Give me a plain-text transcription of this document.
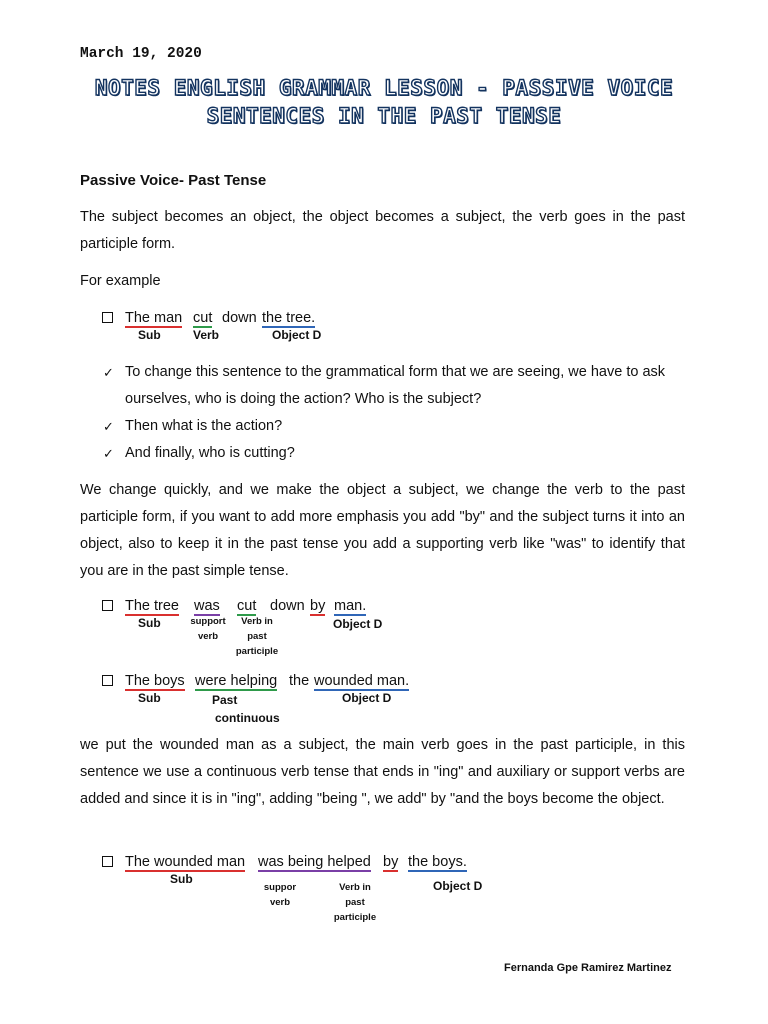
March 19, 2020
NOTES ENGLISH GRAMMAR LESSON - PASSIVE VOICE
SENTENCES IN THE PAST TENSE
Passive Voice- Past Tense
The subject becomes an object, the object becomes a subject, the verb goes in the past participle form.
For example
The man cut down the tree.
Sub	Verb	Object D
✓ To change this sentence to the grammatical form that we are seeing, we have to ask ourselves, who is doing the action? Who is the subject?
✓ Then what is the action?
✓ And finally, who is cutting?
We change quickly, and we make the object a subject, we change the verb to the past participle form, if you want to add more emphasis you add "by" and the subject turns it into an object, also to keep it in the past tense you add a supporting verb like "was" to identify that you are in the past simple tense.
The tree was cut down by man.
Sub	support
verb
Verb in
past
participle
Object D
The boys were helping the wounded man.
Sub	Past
continuous
Object D
we put the wounded man as a subject, the main verb goes in the past participle, in this sentence we use a continuous verb tense that ends in "ing" and auxiliary or support verbs are added and since it is in "ing", adding "being ", we add" by "and the boys become the object.
The wounded man was being helped by the boys.
Sub
suppor
verb
Verb in
past
participle
Object D
Fernanda Gpe Ramirez Martinez
